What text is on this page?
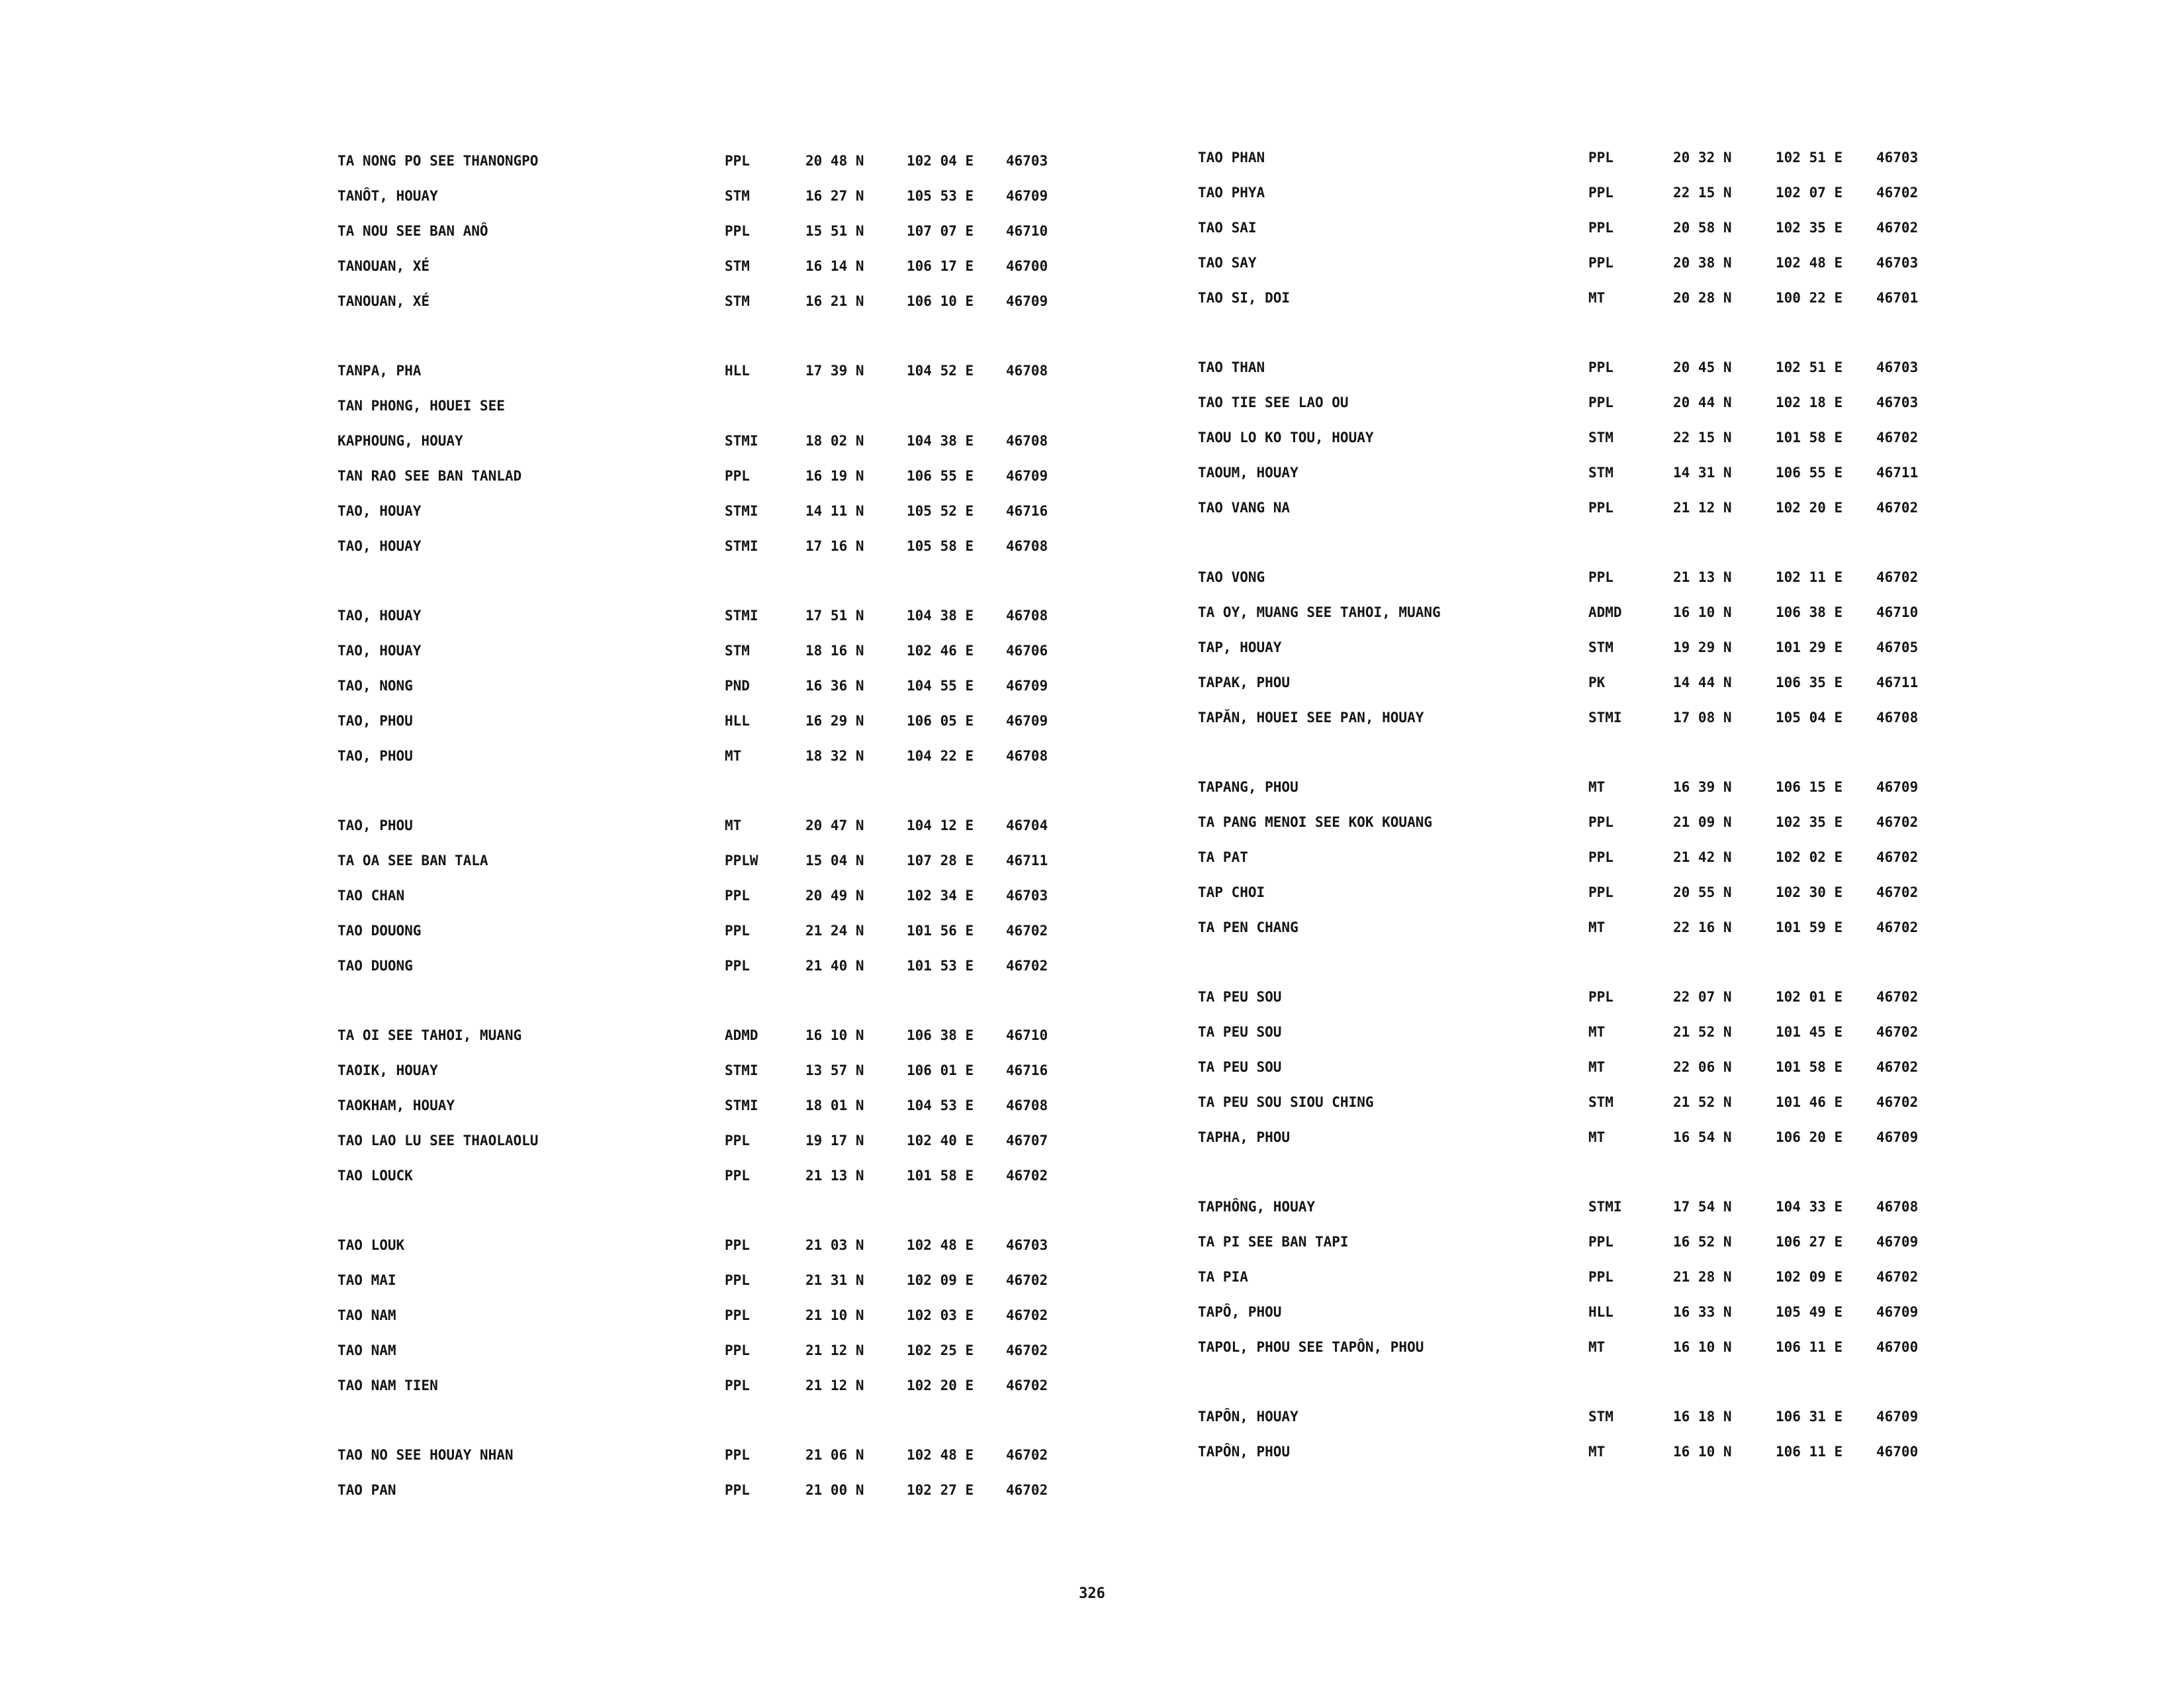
TA NONG PO SEE THANONGPO	PPL	20 48 N	102 04 E 46703
TANÔT, HOUAY	STM	16 27 N	105 53 E 46709
TA NOU SEE BAN ANÔ	PPL	15 51 N	107 07 E 46710
TANOUAN, XÉ	STM	16 14 N	106 17 E 46700
TANOUAN, XÉ	STM	16 21 N	106 10 E 46709
TANPA, PHA	HLL	17 39 N	104 52 E 46708
TAN PHONG, HOUEI SEE
KAPHOUNG, HOUAY	STMI	18 02 N	104 38 E 46708
TAN RAO SEE BAN TANLAD	PPL	16 19 N	106 55 E 46709
TAO, HOUAY	STMI	14 11 N	105 52 E 46716
TAO, HOUAY	STMI	17 16 N	105 58 E 46708
TAO, HOUAY	STMI	17 51 N	104 38 E 46708
TAO, HOUAY	STM	18 16 N	102 46 E 46706
TAO, NONG	PND	16 36 N	104 55 E 46709
TAO, PHOU	HLL	16 29 N	106 05 E 46709
TAO, PHOU	MT	18 32 N	104 22 E 46708
TAO, PHOU	MT	20 47 N	104 12 E 46704
TA OA SEE BAN TALA	PPLW	15 04 N	107 28 E 46711
TAO CHAN	PPL	20 49 N	102 34 E 46703
TAO DOUONG	PPL	21 24 N	101 56 E 46702
TAO DUONG	PPL	21 40 N	101 53 E 46702
TA OI SEE TAHOI, MUANG	ADMD	16 10 N	106 38 E 46710
TAOIK, HOUAY	STMI	13 57 N	106 01 E 46716
TAOKHAM, HOUAY	STMI	18 01 N	104 53 E 46708
TAO LAO LU SEE THAOLAOLU	PPL	19 17 N	102 40 E 46707
TAO LOUCK	PPL	21 13 N	101 58 E 46702
TAO LOUK	PPL	21 03 N	102 48 E 46703
TAO MAI	PPL	21 31 N	102 09 E 46702
TAO NAM	PPL	21 10 N	102 03 E 46702
TAO NAM	PPL	21 12 N	102 25 E 46702
TAO NAM TIEN	PPL	21 12 N	102 20 E 46702
TAO NO SEE HOUAY NHAN	PPL	21 06 N	102 48 E 46702
TAO PAN	PPL	21 00 N	102 27 E 46702
TAO PHAN	PPL	20 32 N	102 51 E 46703
TAO PHYA	PPL	22 15 N	102 07 E 46702
TAO SAI	PPL	20 58 N	102 35 E 46702
TAO SAY	PPL	20 38 N	102 48 E 46703
TAO SI, DOI	MT	20 28 N	100 22 E 46701
TAO THAN	PPL	20 45 N	102 51 E 46703
TAO TIE SEE LAO OU	PPL	20 44 N	102 18 E 46703
TAOU LO KO TOU, HOUAY	STM	22 15 N	101 58 E 46702
TAOUM, HOUAY	STM	14 31 N	106 55 E 46711
TAO VANG NA	PPL	21 12 N	102 20 E 46702
TAO VONG	PPL	21 13 N	102 11 E 46702
TA OY, MUANG SEE TAHOI, MUANG	ADMD	16 10 N	106 38 E 46710
TAP, HOUAY	STM	19 29 N	101 29 E 46705
TAPAK, PHOU	PK	14 44 N	106 35 E 46711
TAPĂN, HOUEI SEE PAN, HOUAY	STMI	17 08 N	105 04 E 46708
TAPANG, PHOU	MT	16 39 N	106 15 E 46709
TA PANG MENOI SEE KOK KOUANG	PPL	21 09 N	102 35 E 46702
TA PAT	PPL	21 42 N	102 02 E 46702
TAP CHOI	PPL	20 55 N	102 30 E 46702
TA PEN CHANG	MT	22 16 N	101 59 E 46702
TA PEU SOU	PPL	22 07 N	102 01 E 46702
TA PEU SOU	MT	21 52 N	101 45 E 46702
TA PEU SOU	MT	22 06 N	101 58 E 46702
TA PEU SOU SIOU CHING	STM	21 52 N	101 46 E 46702
TAPHA, PHOU	MT	16 54 N	106 20 E 46709
TAPHÔNG, HOUAY	STMI	17 54 N	104 33 E 46708
TA PI SEE BAN TAPI	PPL	16 52 N	106 27 E 46709
TA PIA	PPL	21 28 N	102 09 E 46702
TAPÔ, PHOU	HLL	16 33 N	105 49 E 46709
TAPOL, PHOU SEE TAPÔN, PHOU	MT	16 10 N	106 11 E 46700
TAPÔN, HOUAY	STM	16 18 N	106 31 E 46709
TAPÔN, PHOU	MT	16 10 N	106 11 E 46700
326
